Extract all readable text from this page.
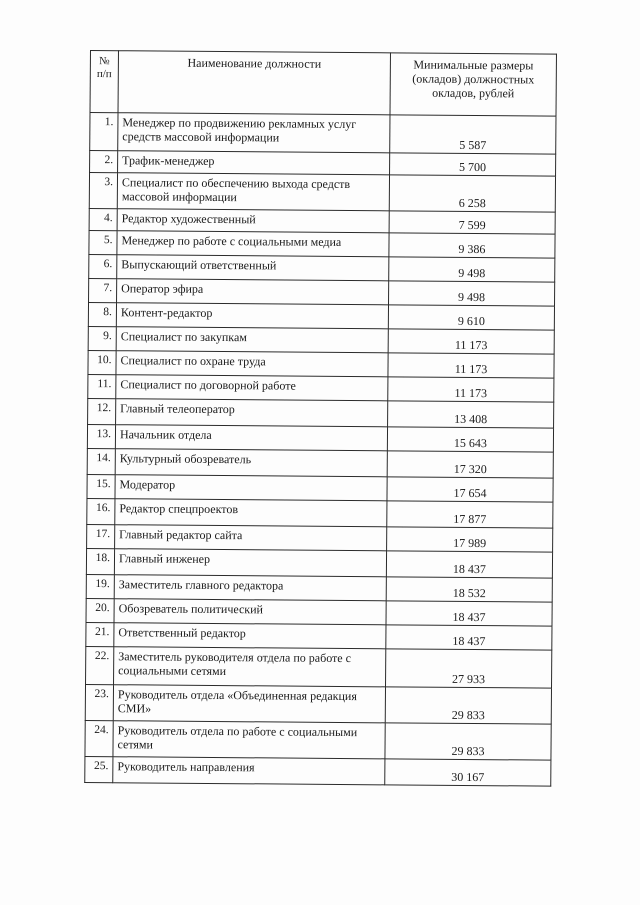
№ п/п	Наименование должности	Минимальные размеры (окладов) должностных окладов, рублей
1.	Менеджер по продвижению рекламных услуг средств массовой информации	5 587
2.	Трафик-менеджер	5 700
3.	Специалист по обеспечению выхода средств массовой информации	6 258
4.	Редактор художественный	7 599
5.	Менеджер по работе с социальными медиа	9 386
6.	Выпускающий ответственный	9 498
7.	Оператор эфира	9 498
8.	Контент-редактор	9 610
9.	Специалист по закупкам	11 173
10.	Специалист по охране труда	11 173
11.	Специалист по договорной работе	11 173
12.	Главный телеоператор	13 408
13.	Начальник отдела	15 643
14.	Культурный обозреватель	17 320
15.	Модератор	17 654
16.	Редактор спецпроектов	17 877
17.	Главный редактор сайта	17 989
18.	Главный инженер	18 437
19.	Заместитель главного редактора	18 532
20.	Обозреватель политический	18 437
21.	Ответственный редактор	18 437
22.	Заместитель руководителя отдела по работе с социальными сетями	27 933
23.	Руководитель отдела «Объединенная редакция СМИ»	29 833
24.	Руководитель отдела по работе с социальными сетями	29 833
25.	Руководитель направления	30 167
